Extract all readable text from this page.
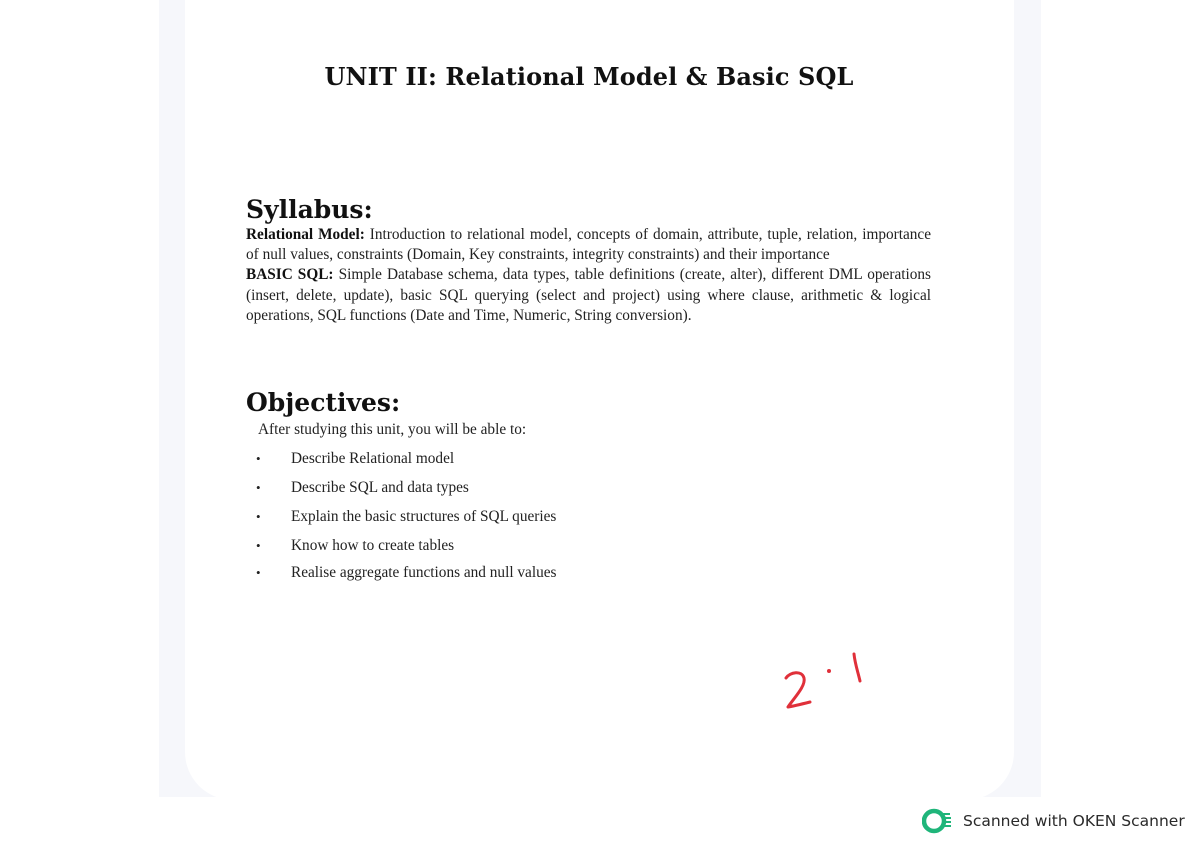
UNIT II: Relational Model & Basic SQL
Syllabus:

Relational Model: Introduction to relational model, concepts of domain, attribute, tuple, relation, importance of null values, constraints (Domain, Key constraints, integrity constraints) and their importance

BASIC SQL: Simple Database schema, data types, table definitions (create, alter), different DML operations (insert, delete, update), basic SQL querying (select and project) using where clause, arithmetic & logical operations, SQL functions (Date and Time, Numeric, String conversion).

Objectives:

After studying this unit, you will be able to:

• Describe Relational model
• Describe SQL and data types
• Explain the basic structures of SQL queries
• Know how to create tables
• Realise aggregate functions and null values
Scanned with OKEN Scanner
